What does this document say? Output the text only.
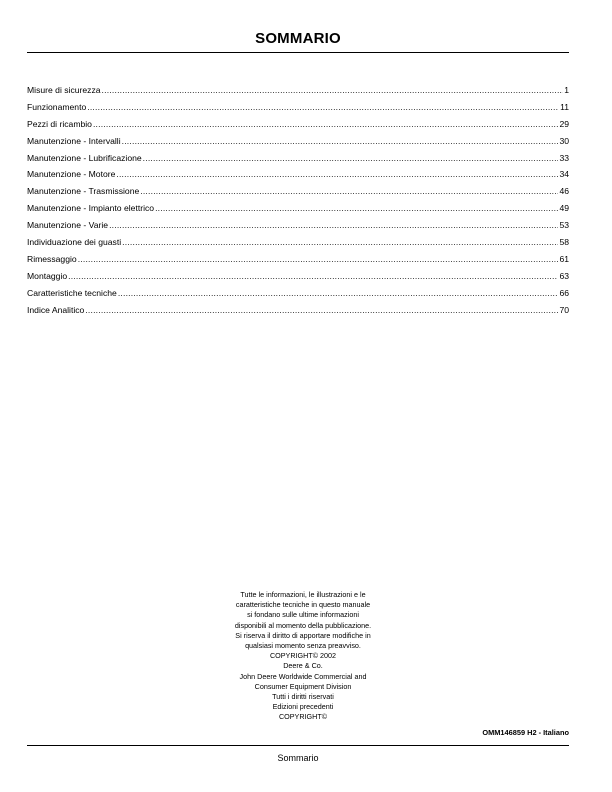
SOMMARIO
Misure di sicurezza .....	1
Funzionamento .....	11
Pezzi di ricambio .....	29
Manutenzione - Intervalli .....	30
Manutenzione - Lubrificazione .....	33
Manutenzione - Motore .....	34
Manutenzione - Trasmissione .....	46
Manutenzione - Impianto elettrico .....	49
Manutenzione - Varie .....	53
Individuazione dei guasti .....	58
Rimessaggio .....	61
Montaggio .....	63
Caratteristiche tecniche .....	66
Indice Analitico .....	70
Tutte le informazioni, le illustrazioni e le
caratteristiche tecniche in questo manuale
si fondano sulle ultime informazioni
disponibili al momento della pubblicazione.
Si riserva il diritto di apportare modifiche in
qualsiasi momento senza preavviso.
COPYRIGHT© 2002
Deere & Co.
John Deere Worldwide Commercial and
Consumer Equipment Division
Tutti i diritti riservati
Edizioni precedenti
COPYRIGHT©
OMM146859 H2 - Italiano
Sommario
